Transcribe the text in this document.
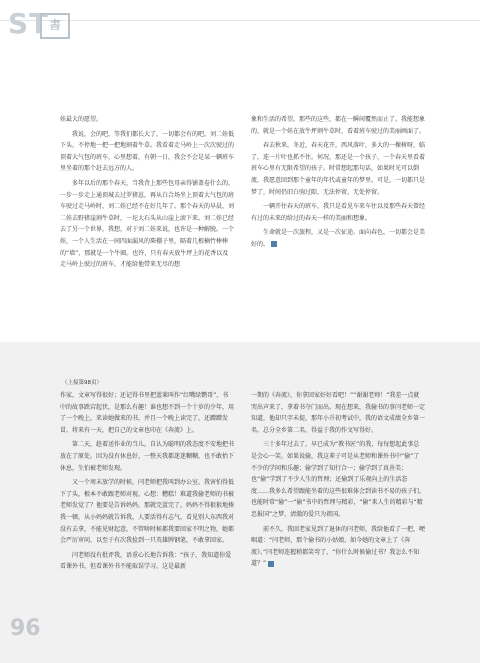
ST 書

娃最大的愿望。

我说，会的吧，等我们都长大了，一切都会有的吧。刘二娃低下头，不停地一把一把地割着牛草。我看着走马岭上一次次驶过的顶着大气包的班车，心里想着，有朝一日，我会不会是某一辆班车里坐着的那个赶去远方的人。

多年以后的那个春天，当我背上那些包母亲得铺盖卷什么的，一步一步走上通顶城去过罗猪崽，再从白合场坐上顶着大气包的班车驶过走马岭时，刘二娃已经不在好几年了。那个春天的早晨，刘二娃去野猪崖割牛草时，一坨大石头从山崖上滚下来。刘二娃已经去了另一个世界，我想，对于刘二娃来说，也许是一种解脱。一个娃，一个人生活在一间四面漏风的柴棚子里，隔着几根楠竹棒棒的“墙”，那就是一个牛圈。也许，只有春天放牛坪上的花香以及走马岭上驶过的班车，才能给他带来无尽的想

象和生活的希望，那些的这些，都在一瞬间覆然而止了。我能想象的，就是一个娃在放牛坪割牛草时，看着班车驶过的美丽画面了。

春去秋来，冬近，春天花开，西风落叶，多大的一棵树呀，临了，连一片叶也抓不住。何况，那还是一个孩子，一个春天里看着班车心里有无限希望的孩子。时常想起那句话，如果时光可以倒流，我愿意回到那个童年的年代或童年的梦里。可是，一切都只是梦了，时间仍旧白驹过隙，无法停留，无处停留。

一辆开往春天的班车，我只是看见车来车往以及那些春天曾经有过的未来的给过的春天一样的美丽和想象。

生命就是一次旅程，又是一次征途。面向春色，一切都会是美好的。

（上接第98页）

作家，文章写得很好；还记得书里把蓝莱叫作“红嘴绿鹦哥”，书中的故事跌宕起伏，是那么有趣！谁也想不到一个十岁的少年，用了一个晚上，来读她做来的书，并且一个晚上读完了，还蹭蹭发冒，将来有一天，把自己的文章也印在《奔流》上。

第二天，趁着送作业的当儿，自认为聪明的我态度不安地把书放在了原处。因为没有休息好，一整天我都迷迷糊糊，也不敢抬下休息，生怕被老师发现。

又一个周末放学的时候，闫老师把我叫到办公室，我害怕得低下了头，根本不敢跟老师对视，心想：糟糕！难道我偷老师的书被老师发觉了？他要是告诉妈妈，那就完蛋完了，妈妈不得狠狠地揍我一顿，从小妈妈就告诉我，人要活得有志气，看见别人东西我对没有去拿，不能见财起意，不管啥时候都我要回家不明之物，她都会严厉审问，以至于有次我捡到一只英雄牌钢笔，不敢拿回家。

闫老师没有批评我，语重心长地告诉我：“孩子，我知道你爱看课外书，但看课外书不能取误学习，这是最新

一期的《奔流》，你拿回家好好看吧！”“谢谢老师！”我差一点就哭出声来了，拿着书夺门而出。现在想来，我偷书的事闫老师一定知道，他却只字未提，那年小升初考试中，我的语文成绩全乡第一名，总分全乡第二名，得益于我的作文写得好。

三十多年过去了，早已成为“教书匠”的我，每每想起此事总是会心一笑。如果说偷，我这辈子可是从老师和课外书中“偷”了不少的学问和乐趣；偷学到了知行合一；偷学到了真善美；也“偷”学到了不少人生的哲理；还偷到了乐观向上的生活态度……我多么希望跟能坐着的这些很难体会到读书不易的孩子们，也能时常“偷”一“偷”书中的哲理与精彩，“偷”来人生的精彩与“精忠报国”之梦，清澈的爱只为祖国。

前不久，我回老家见到了退休的闫老师，我给他看了一把，哽咽道：“闫老师，那个偷书的小姑娘，如今她的文章上了《奔流》。”闫老师连握稍都笑弯了，“你什么时候偷过书？我怎么不知道？”

96
